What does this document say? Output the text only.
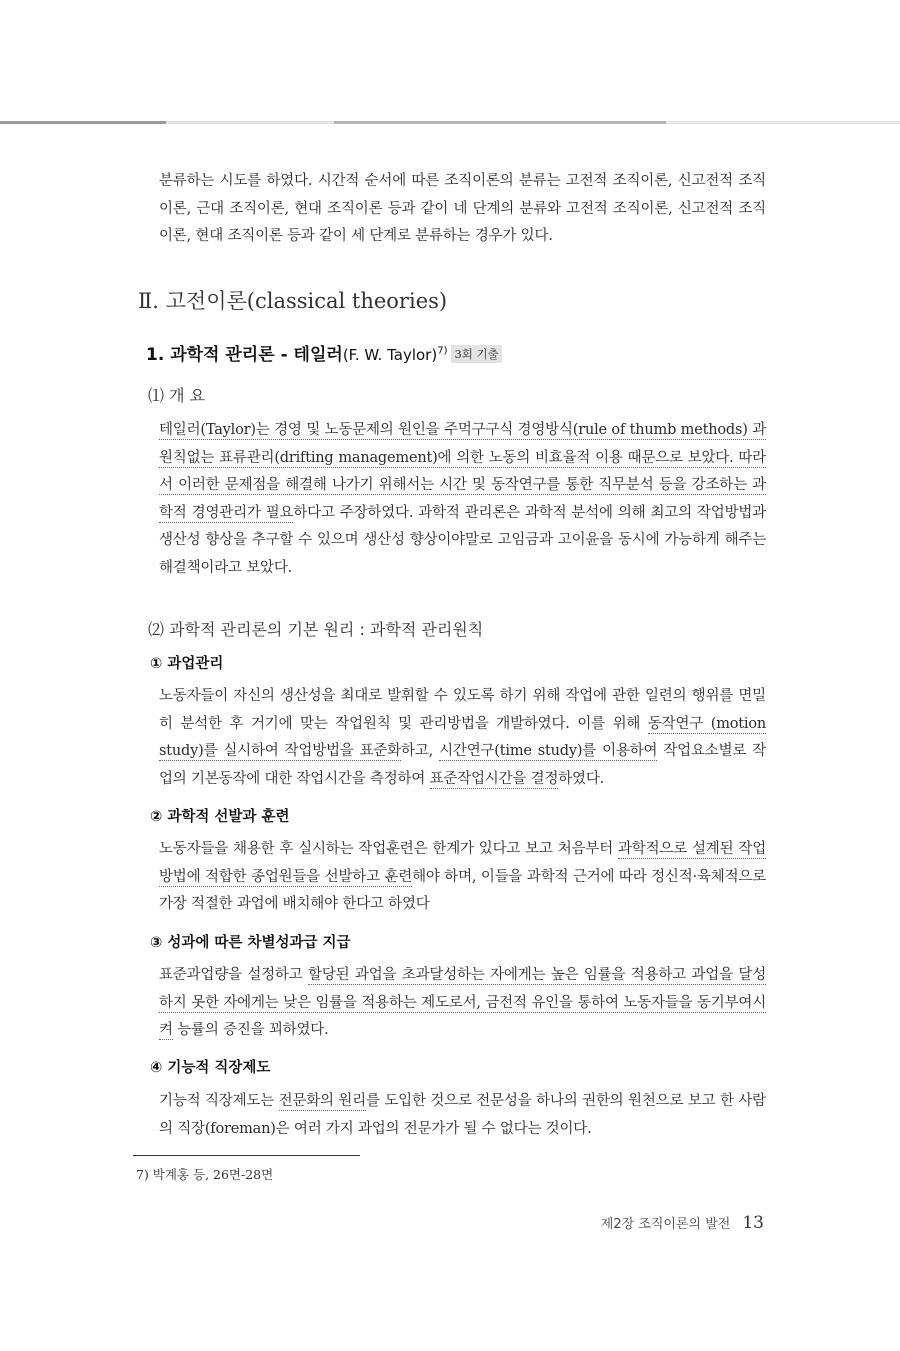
분류하는 시도를 하였다. 시간적 순서에 따른 조직이론의 분류는 고전적 조직이론, 신고전적 조직이론, 근대 조직이론, 현대 조직이론 등과 같이 네 단계의 분류와 고전적 조직이론, 신고전적 조직이론, 현대 조직이론 등과 같이 세 단계로 분류하는 경우가 있다.

Ⅱ. 고전이론(classical theories)
1. 과학적 관리론 - 테일러(F. W. Taylor)$^{7)}$ 3회 기출
⑴ 개 요

테일러(Taylor)는 경영 및 노동문제의 원인을 주먹구구식 경영방식(rule of thumb methods) 과 원칙없는 표류관리(drifting management)에 의한 노동의 비효율적 이용 때문으로 보았다. 따라서 이러한 문제점을 해결해 나가기 위해서는 시간 및 동작연구를 통한 직무분석 등을 강조하는 과학적 경영관리가 필요하다고 주장하였다. 과학적 관리론은 과학적 분석에 의해 최고의 작업방법과 생산성 향상을 추구할 수 있으며 생산성 향상이야말로 고임금과 고이윤을 동시에 가능하게 해주는 해결책이라고 보았다.

⑵ 과학적 관리론의 기본 원리 : 과학적 관리원칙
① 과업관리

노동자들이 자신의 생산성을 최대로 발휘할 수 있도록 하기 위해 작업에 관한 일련의 행위를 면밀히 분석한 후 거기에 맞는 작업원칙 및 관리방법을 개발하였다. 이를 위해 동작연구 (motion study)를 실시하여 작업방법을 표준화하고, 시간연구(time study)를 이용하여 작업요소별로 작업의 기본동작에 대한 작업시간을 측정하여 표준작업시간을 결정하였다.

② 과학적 선발과 훈련

노동자들을 채용한 후 실시하는 작업훈련은 한계가 있다고 보고 처음부터 과학적으로 설계된 작업방법에 적합한 종업원들을 선발하고 훈련해야 하며, 이들을 과학적 근거에 따라 정신적·육체적으로 가장 적절한 과업에 배치해야 한다고 하였다

③ 성과에 따른 차별성과급 지급

표준과업량을 설정하고 할당된 과업을 초과달성하는 자에게는 높은 임률을 적용하고 과업을 달성하지 못한 자에게는 낮은 임률을 적용하는 제도로서, 금전적 유인을 통하여 노동자들을 동기부여시켜 능률의 증진을 꾀하였다.

④ 기능적 직장제도

기능적 직장제도는 전문화의 원리를 도입한 것으로 전문성을 하나의 권한의 원천으로 보고 한 사람의 직장(foreman)은 여러 가지 과업의 전문가가 될 수 없다는 것이다.

7) 박계홍 등, 26면-28면

제2장 조직이론의 발전 13
